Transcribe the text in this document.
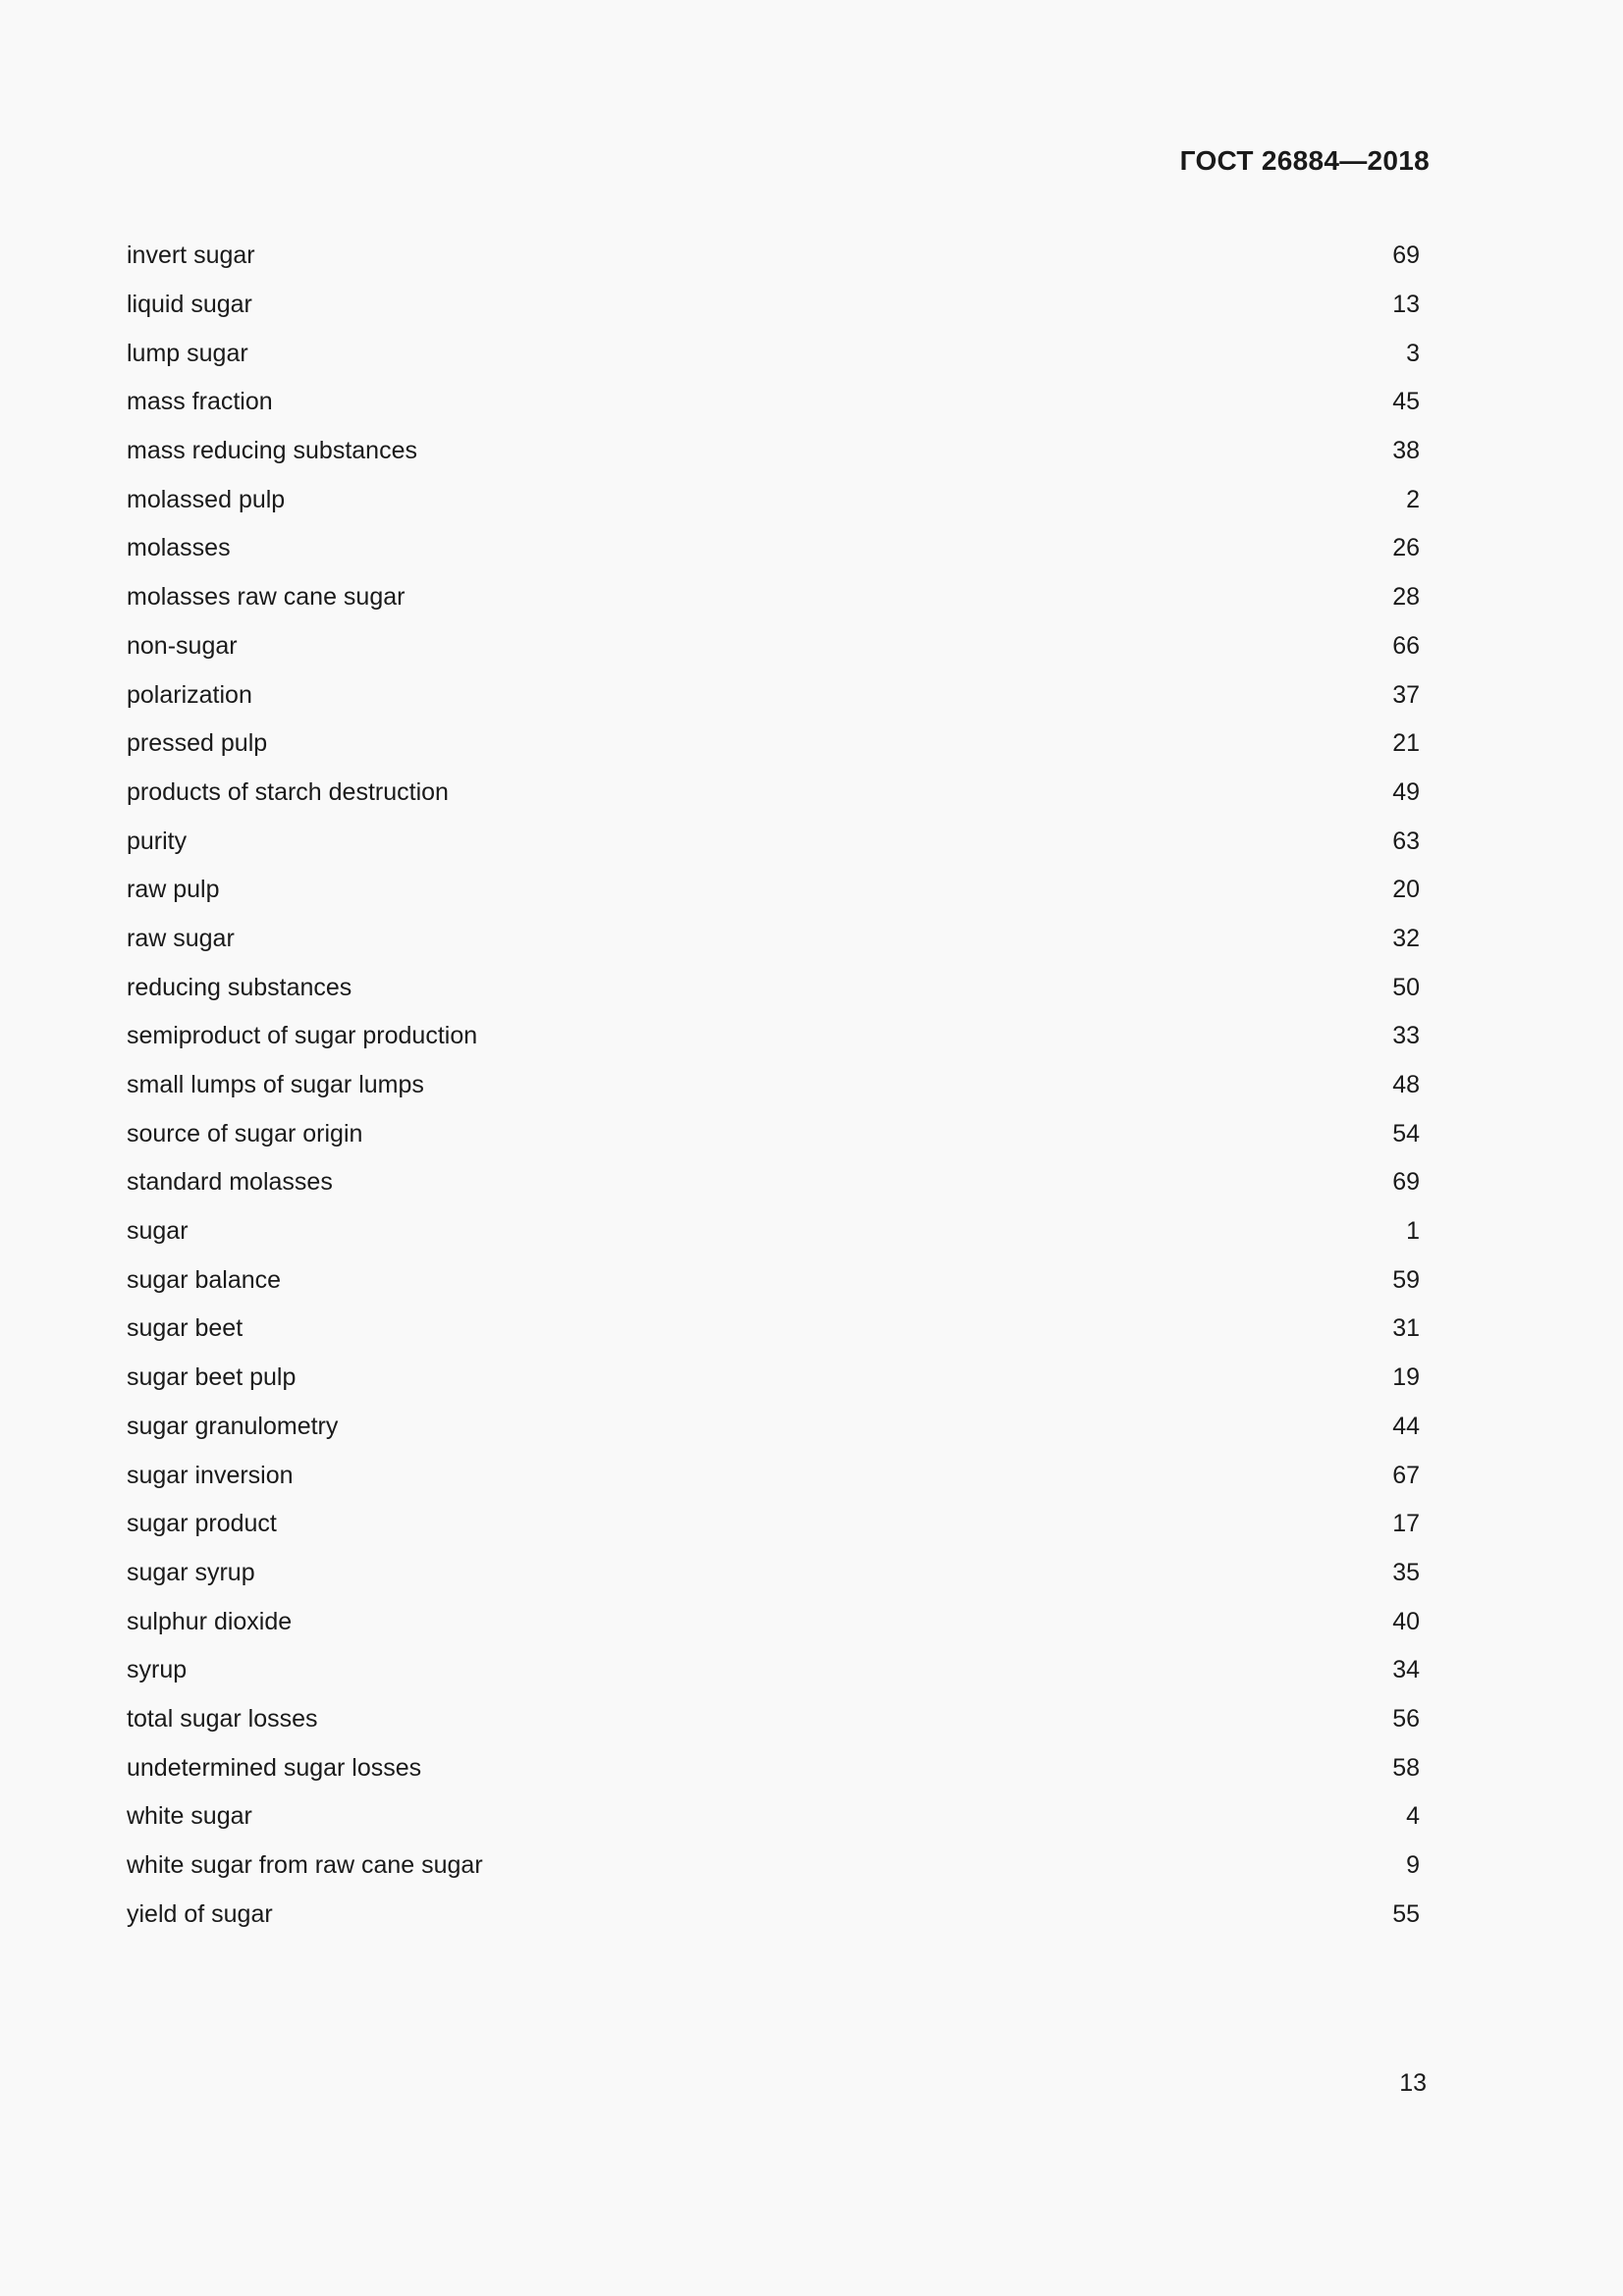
ГОСТ 26884—2018
invert sugar	69
liquid sugar	13
lump sugar	3
mass fraction	45
mass reducing substances	38
molassed pulp	2
molasses	26
molasses raw cane sugar	28
non-sugar	66
polarization	37
pressed pulp	21
products of starch destruction	49
purity	63
raw pulp	20
raw sugar	32
reducing substances	50
semiproduct of sugar production	33
small lumps of sugar lumps	48
source of sugar origin	54
standard molasses	69
sugar	1
sugar balance	59
sugar beet	31
sugar beet pulp	19
sugar granulometry	44
sugar inversion	67
sugar product	17
sugar syrup	35
sulphur dioxide	40
syrup	34
total sugar losses	56
undetermined sugar losses	58
white sugar	4
white sugar from raw cane sugar	9
yield of sugar	55
13
